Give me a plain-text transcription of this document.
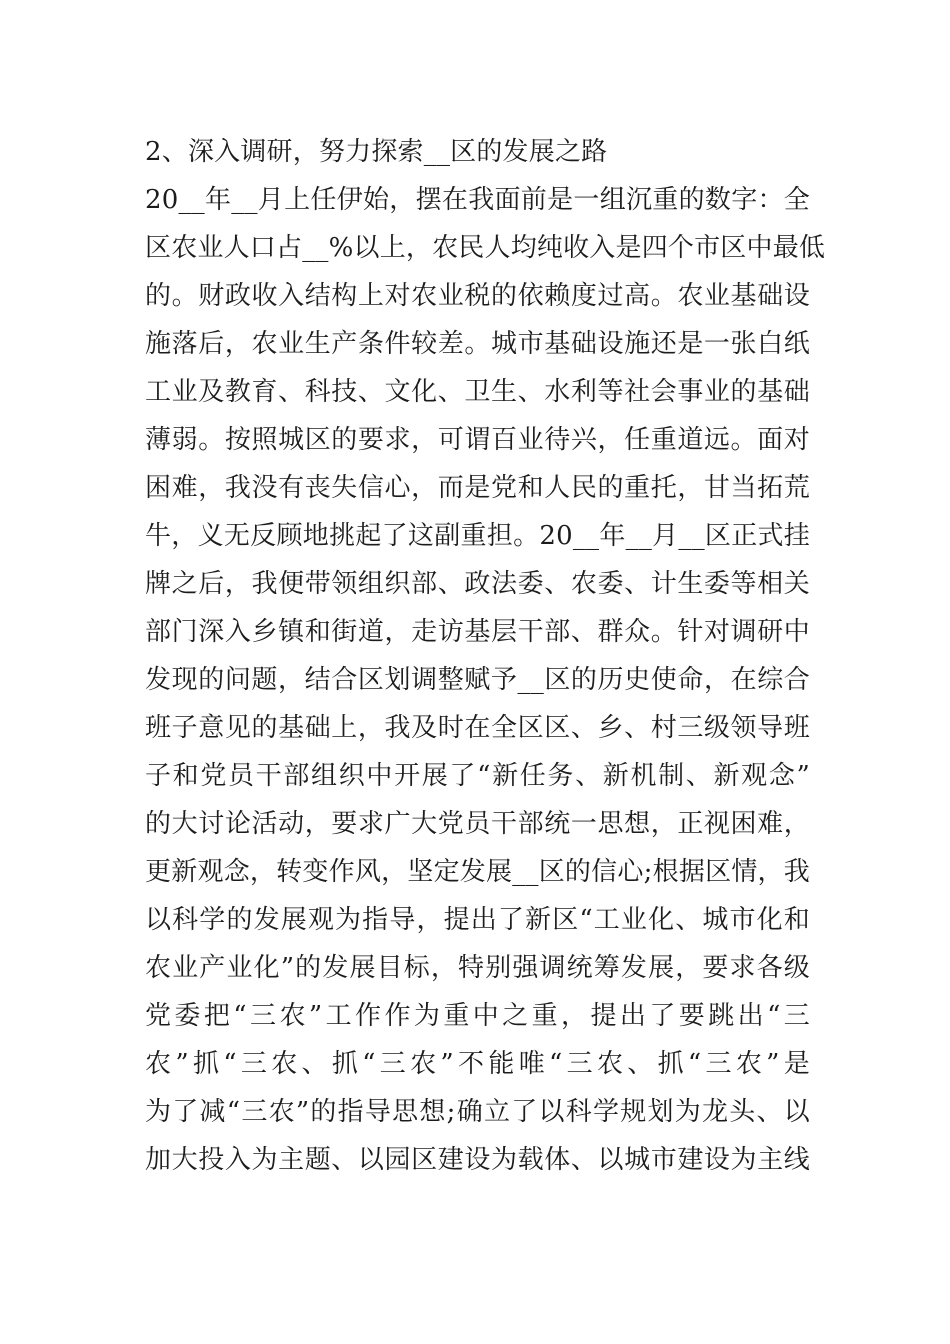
2、深入调研，努力探索__区的发展之路

20__年__月上任伊始，摆在我面前是一组沉重的数字：全

区农业人口占__%以上，农民人均纯收入是四个市区中最低

的。财政收入结构上对农业税的依赖度过高。农业基础设

施落后，农业生产条件较差。城市基础设施还是一张白纸

工业及教育、科技、文化、卫生、水利等社会事业的基础

薄弱。按照城区的要求，可谓百业待兴，任重道远。面对

困难，我没有丧失信心，而是党和人民的重托，甘当拓荒

牛，义无反顾地挑起了这副重担。20__年__月__区正式挂

牌之后，我便带领组织部、政法委、农委、计生委等相关

部门深入乡镇和街道，走访基层干部、群众。针对调研中

发现的问题，结合区划调整赋予__区的历史使命，在综合

班子意见的基础上，我及时在全区区、乡、村三级领导班

子和党员干部组织中开展了“新任务、新机制、新观念”

的大讨论活动，要求广大党员干部统一思想，正视困难，

更新观念，转变作风，坚定发展__区的信心;根据区情，我

以科学的发展观为指导，提出了新区“工业化、城市化和

农业产业化”的发展目标，特别强调统筹发展，要求各级

党委把“三农”工作作为重中之重，提出了要跳出“三

农”抓“三农、抓“三农”不能唯“三农、抓“三农”是

为了减“三农”的指导思想;确立了以科学规划为龙头、以

加大投入为主题、以园区建设为载体、以城市建设为主线
